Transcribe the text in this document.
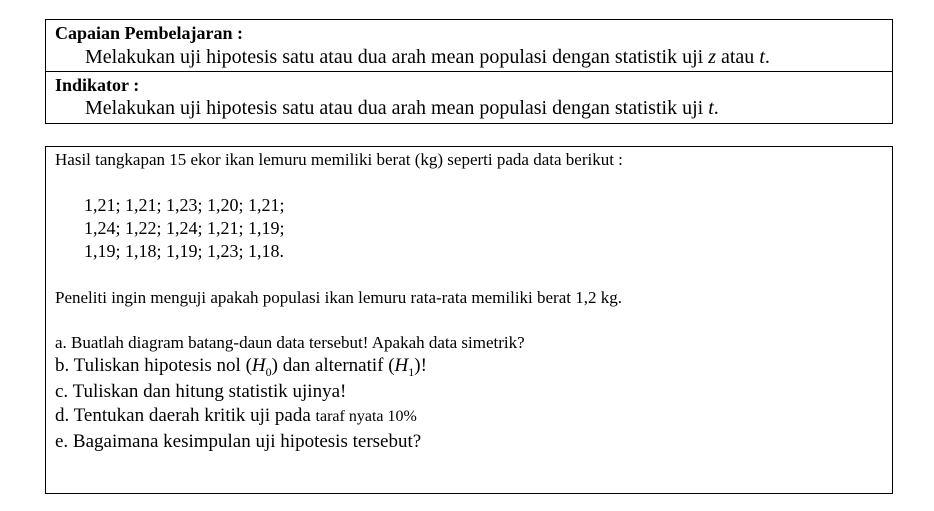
Capaian Pembelajaran :
Melakukan uji hipotesis satu atau dua arah mean populasi dengan statistik uji z atau t.
Indikator :
Melakukan uji hipotesis satu atau dua arah mean populasi dengan statistik uji t.
Hasil tangkapan 15 ekor ikan lemuru memiliki berat (kg) seperti pada data berikut :
1,21; 1,21; 1,23; 1,20; 1,21;
1,24; 1,22; 1,24; 1,21; 1,19;
1,19; 1,18; 1,19; 1,23; 1,18.
Peneliti ingin menguji apakah populasi ikan lemuru rata-rata memiliki berat 1,2 kg.
a. Buatlah diagram batang-daun data tersebut! Apakah data simetrik?
b. Tuliskan hipotesis nol $(H_0)$ dan alternatif $(H_1)$!
c. Tuliskan dan hitung statistik ujinya!
d. Tentukan daerah kritik uji pada taraf nyata 10%
e. Bagaimana kesimpulan uji hipotesis tersebut?
